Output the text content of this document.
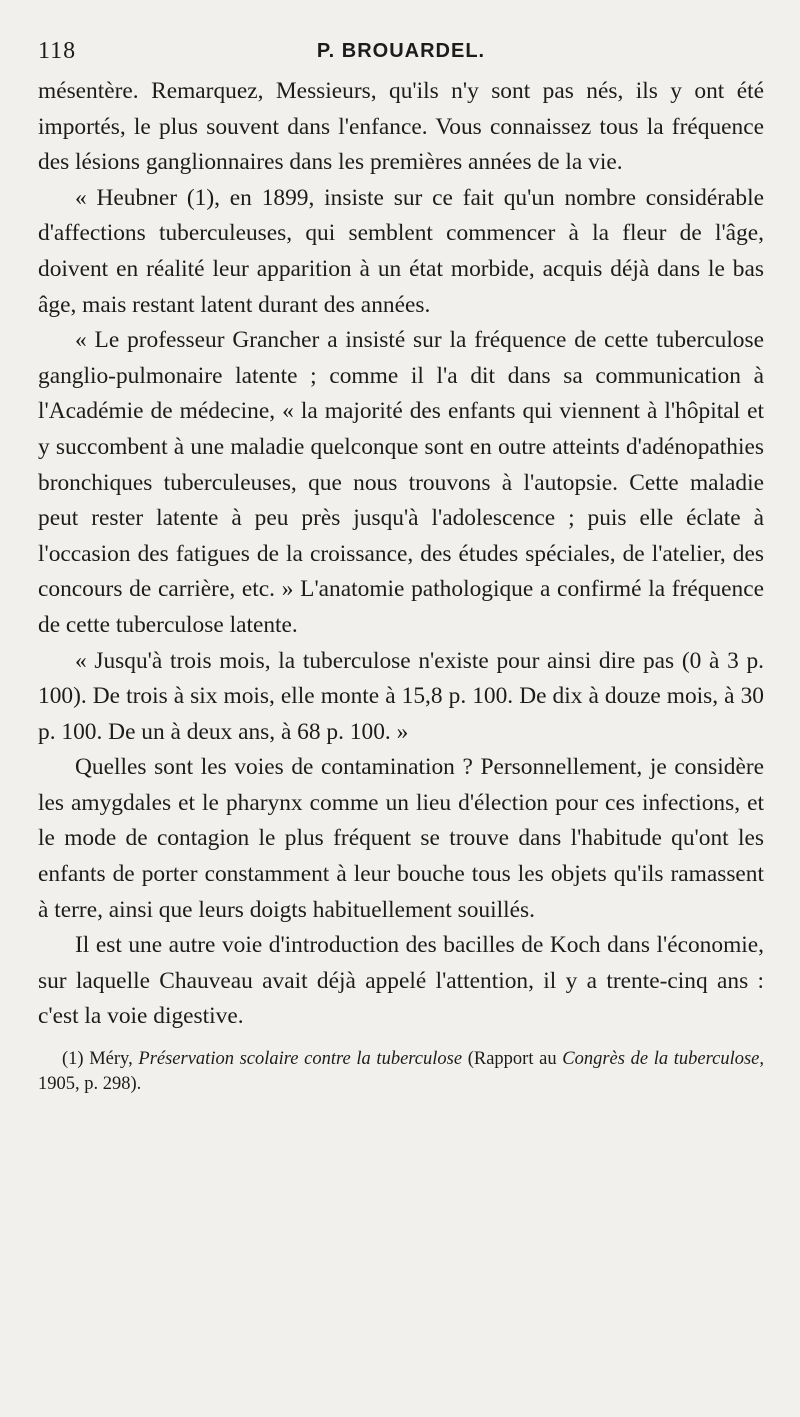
118	P. BROUARDEL.

mésentère. Remarquez, Messieurs, qu'ils n'y sont pas nés, ils y ont été importés, le plus souvent dans l'enfance. Vous connaissez tous la fréquence des lésions ganglionnaires dans les premières années de la vie.

« Heubner (1), en 1899, insiste sur ce fait qu'un nombre considérable d'affections tuberculeuses, qui semblent commencer à la fleur de l'âge, doivent en réalité leur apparition à un état morbide, acquis déjà dans le bas âge, mais restant latent durant des années.

« Le professeur Grancher a insisté sur la fréquence de cette tuberculose ganglio-pulmonaire latente ; comme il l'a dit dans sa communication à l'Académie de médecine, « la majorité des enfants qui viennent à l'hôpital et y succombent à une maladie quelconque sont en outre atteints d'adénopathies bronchiques tuberculeuses, que nous trouvons à l'autopsie. Cette maladie peut rester latente à peu près jusqu'à l'adolescence ; puis elle éclate à l'occasion des fatigues de la croissance, des études spéciales, de l'atelier, des concours de carrière, etc. » L'anatomie pathologique a confirmé la fréquence de cette tuberculose latente.

« Jusqu'à trois mois, la tuberculose n'existe pour ainsi dire pas (0 à 3 p. 100). De trois à six mois, elle monte à 15,8 p. 100. De dix à douze mois, à 30 p. 100. De un à deux ans, à 68 p. 100. »

Quelles sont les voies de contamination ? Personnellement, je considère les amygdales et le pharynx comme un lieu d'élection pour ces infections, et le mode de contagion le plus fréquent se trouve dans l'habitude qu'ont les enfants de porter constamment à leur bouche tous les objets qu'ils ramassent à terre, ainsi que leurs doigts habituellement souillés.

Il est une autre voie d'introduction des bacilles de Koch dans l'économie, sur laquelle Chauveau avait déjà appelé l'attention, il y a trente-cinq ans : c'est la voie digestive.

(1) Méry, Préservation scolaire contre la tuberculose (Rapport au Congrès de la tuberculose, 1905, p. 298).
